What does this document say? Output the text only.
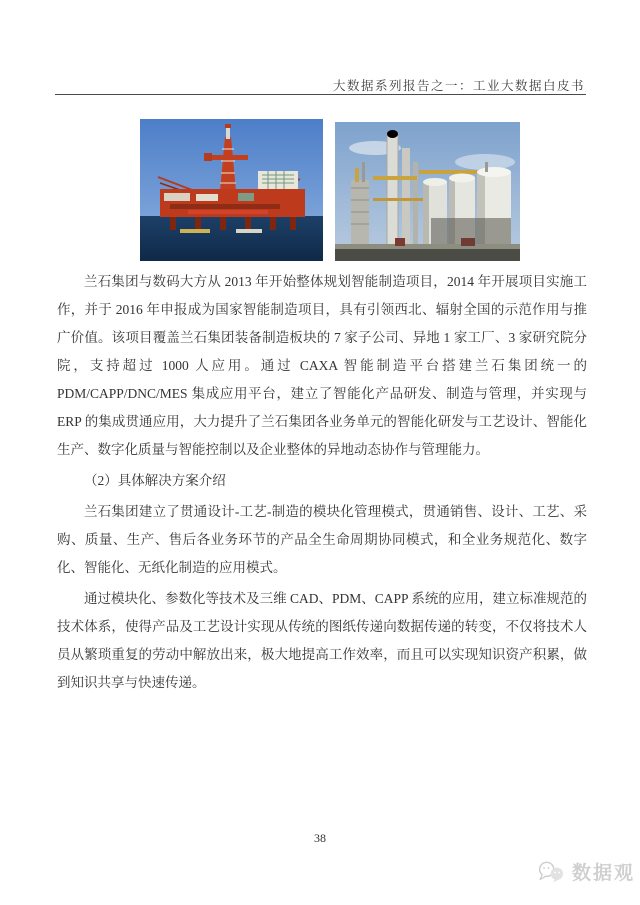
大数据系列报告之一：工业大数据白皮书

兰石集团与数码大方从 2013 年开始整体规划智能制造项目，2014 年开展项目实施工作，并于 2016 年申报成为国家智能制造项目，具有引领西北、辐射全国的示范作用与推广价值。该项目覆盖兰石集团装备制造板块的 7 家子公司、异地 1 家工厂、3 家研究院分院，支持超过 1000 人应用。通过 CAXA 智能制造平台搭建兰石集团统一的 PDM/CAPP/DNC/MES 集成应用平台，建立了智能化产品研发、制造与管理，并实现与 ERP 的集成贯通应用，大力提升了兰石集团各业务单元的智能化研发与工艺设计、智能化生产、数字化质量与智能控制以及企业整体的异地动态协作与管理能力。

（2）具体解决方案介绍

兰石集团建立了贯通设计-工艺-制造的模块化管理模式，贯通销售、设计、工艺、采购、质量、生产、售后各业务环节的产品全生命周期协同模式，和全业务规范化、数字化、智能化、无纸化制造的应用模式。

通过模块化、参数化等技术及三维 CAD、PDM、CAPP 系统的应用，建立标准规范的技术体系，使得产品及工艺设计实现从传统的图纸传递向数据传递的转变，不仅将技术人员从繁琐重复的劳动中解放出来，极大地提高工作效率，而且可以实现知识资产积累，做到知识共享与快速传递。

38
数据观
